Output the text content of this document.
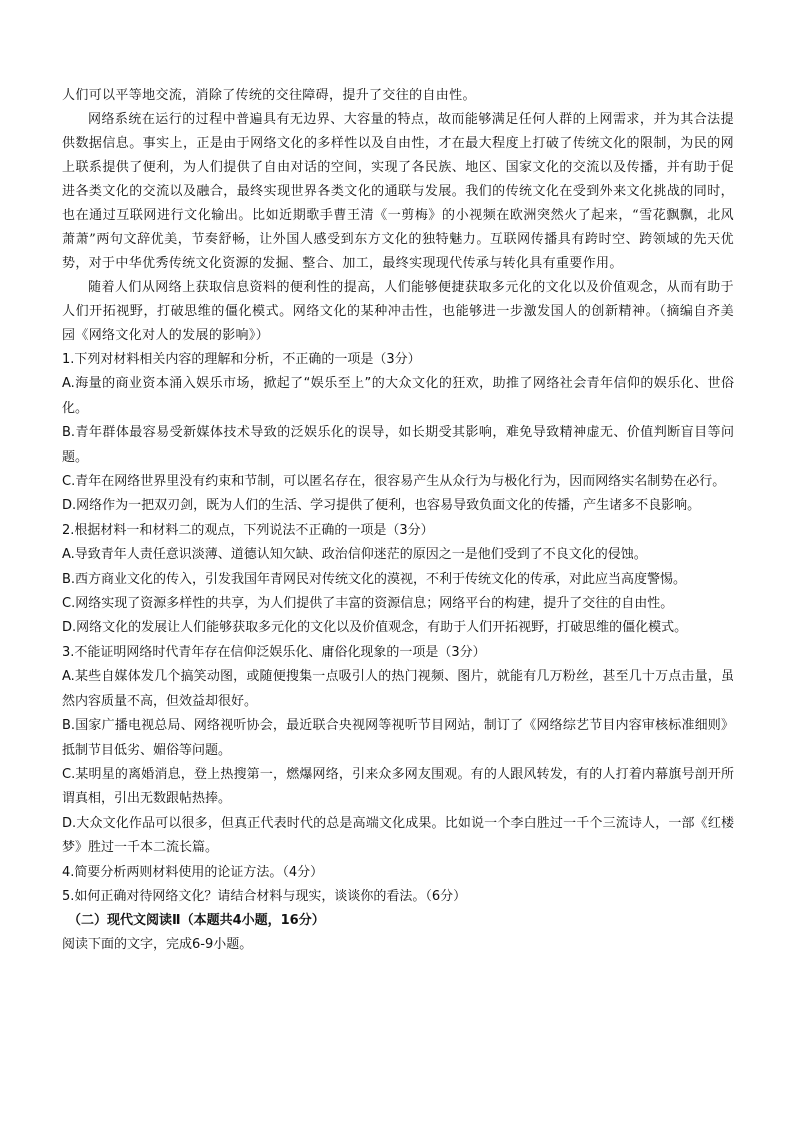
人们可以平等地交流，消除了传统的交往障碍，提升了交往的自由性。

网络系统在运行的过程中普遍具有无边界、大容量的特点，故而能够满足任何人群的上网需求，并为其合法提供数据信息。事实上，正是由于网络文化的多样性以及自由性，才在最大程度上打破了传统文化的限制，为民的网上联系提供了便利，为人们提供了自由对话的空间，实现了各民族、地区、国家文化的交流以及传播，并有助于促进各类文化的交流以及融合，最终实现世界各类文化的通联与发展。我们的传统文化在受到外来文化挑战的同时，也在通过互联网进行文化输出。比如近期歌手曹王清《一剪梅》的小视频在欧洲突然火了起来，“雪花飘飘，北风萧萧”两句文辞优美，节奏舒畅，让外国人感受到东方文化的独特魅力。互联网传播具有跨时空、跨领域的先天优势，对于中华优秀传统文化资源的发掘、整合、加工，最终实现现代传承与转化具有重要作用。

随着人们从网络上获取信息资料的便利性的提高，人们能够便捷获取多元化的文化以及价值观念，从而有助于人们开拓视野，打破思维的僵化模式。网络文化的某种冲击性，也能够进一步激发国人的创新精神。（摘编自齐美园《网络文化对人的发展的影响》）

1.下列对材料相关内容的理解和分析，不正确的一项是（3分）

A.海量的商业资本涌入娱乐市场，掀起了“娱乐至上”的大众文化的狂欢，助推了网络社会青年信仰的娱乐化、世俗化。

B.青年群体最容易受新媒体技术导致的泛娱乐化的误导，如长期受其影响，难免导致精神虚无、价值判断盲目等问题。

C.青年在网络世界里没有约束和节制，可以匿名存在，很容易产生从众行为与极化行为，因而网络实名制势在必行。

D.网络作为一把双刃剑，既为人们的生活、学习提供了便利，也容易导致负面文化的传播，产生诸多不良影响。

2.根据材料一和材料二的观点，下列说法不正确的一项是（3分）

A.导致青年人责任意识淡薄、道德认知欠缺、政治信仰迷茫的原因之一是他们受到了不良文化的侵蚀。

B.西方商业文化的传入，引发我国年青网民对传统文化的漠视，不利于传统文化的传承，对此应当高度警惕。

C.网络实现了资源多样性的共享，为人们提供了丰富的资源信息；网络平台的构建，提升了交往的自由性。

D.网络文化的发展让人们能够获取多元化的文化以及价值观念，有助于人们开拓视野，打破思维的僵化模式。

3.不能证明网络时代青年存在信仰泛娱乐化、庸俗化现象的一项是（3分）

A.某些自媒体发几个搞笑动图，或随便搜集一点吸引人的热门视频、图片，就能有几万粉丝，甚至几十万点击量，虽然内容质量不高，但效益却很好。

B.国家广播电视总局、网络视听协会，最近联合央视网等视听节目网站，制订了《网络综艺节目内容审核标准细则》 抵制节目低劣、媚俗等问题。

C.某明星的离婚消息，登上热搜第一，燃爆网络，引来众多网友围观。有的人跟风转发，有的人打着内幕旗号剖开所谓真相，引出无数跟帖热捧。

D.大众文化作品可以很多，但真正代表时代的总是高端文化成果。比如说一个李白胜过一千个三流诗人，一部《红楼梦》胜过一千本二流长篇。

4.简要分析两则材料使用的论证方法。（4分）

5.如何正确对待网络文化？请结合材料与现实，谈谈你的看法。（6分）

（二）现代文阅读Ⅱ（本题共4小题，16分）

阅读下面的文字，完成6-9小题。
